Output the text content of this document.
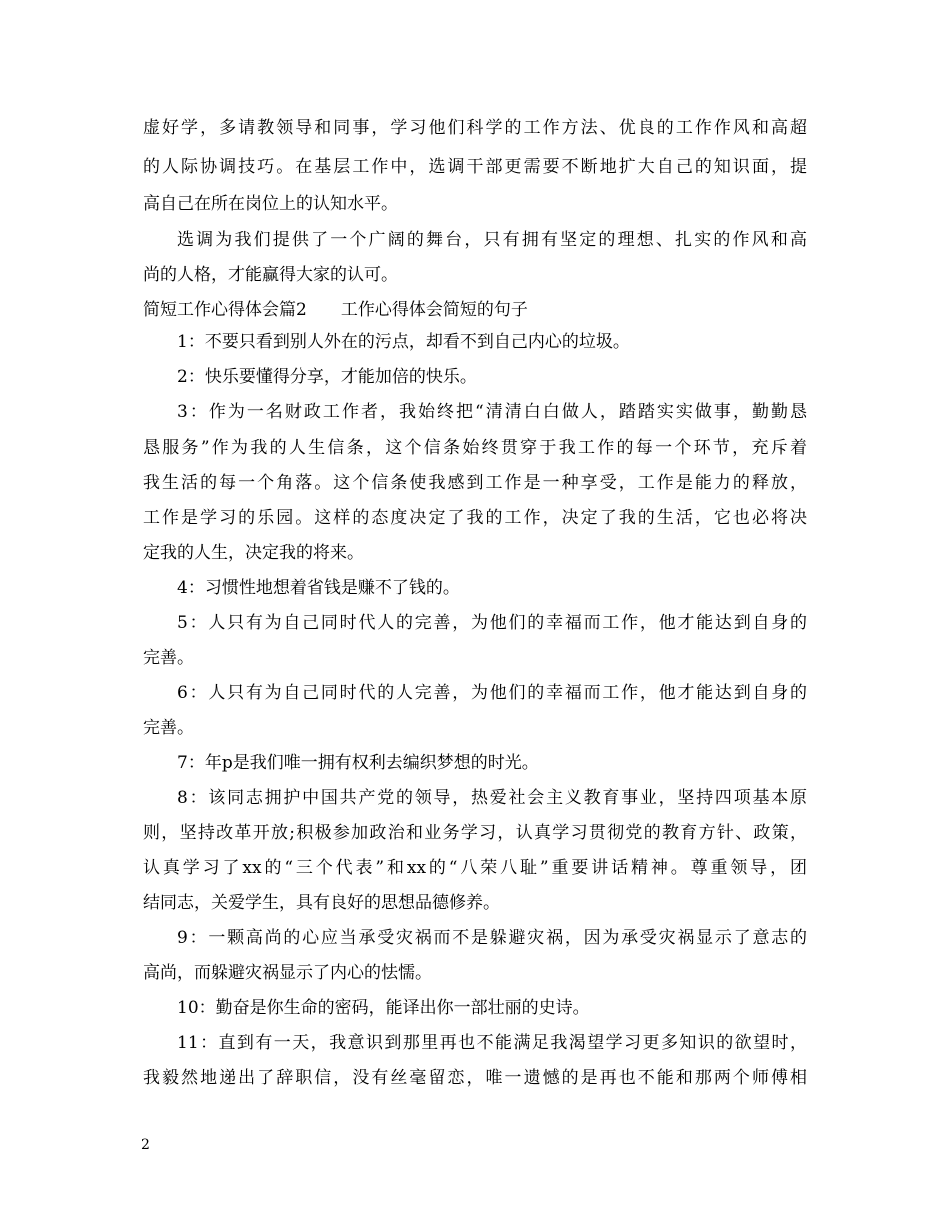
虚好学，多请教领导和同事，学习他们科学的工作方法、优良的工作作风和高超
的人际协调技巧。在基层工作中，选调干部更需要不断地扩大自己的知识面，提
高自己在所在岗位上的认知水平。
选调为我们提供了一个广阔的舞台，只有拥有坚定的理想、扎实的作风和高
尚的人格，才能赢得大家的认可。
简短工作心得体会篇2　　工作心得体会简短的句子
1：不要只看到别人外在的污点，却看不到自己内心的垃圾。
2：快乐要懂得分享，才能加倍的快乐。
3：作为一名财政工作者，我始终把“清清白白做人，踏踏实实做事，勤勤恳
恳服务”作为我的人生信条，这个信条始终贯穿于我工作的每一个环节，充斥着
我生活的每一个角落。这个信条使我感到工作是一种享受，工作是能力的释放，
工作是学习的乐园。这样的态度决定了我的工作，决定了我的生活，它也必将决
定我的人生，决定我的将来。
4：习惯性地想着省钱是赚不了钱的。
5：人只有为自己同时代人的完善，为他们的幸福而工作，他才能达到自身的
完善。
6：人只有为自己同时代的人完善，为他们的幸福而工作，他才能达到自身的
完善。
7：年p是我们唯一拥有权利去编织梦想的时光。
8：该同志拥护中国共产党的领导，热爱社会主义教育事业，坚持四项基本原
则，坚持改革开放;积极参加政治和业务学习，认真学习贯彻党的教育方针、政策，
认真学习了xx的“三个代表”和xx的“八荣八耻”重要讲话精神。尊重领导，团
结同志，关爱学生，具有良好的思想品德修养。
9：一颗高尚的心应当承受灾祸而不是躲避灾祸，因为承受灾祸显示了意志的
高尚，而躲避灾祸显示了内心的怯懦。
10：勤奋是你生命的密码，能译出你一部壮丽的史诗。
11：直到有一天，我意识到那里再也不能满足我渴望学习更多知识的欲望时，
我毅然地递出了辞职信，没有丝毫留恋，唯一遗憾的是再也不能和那两个师傅相
2
